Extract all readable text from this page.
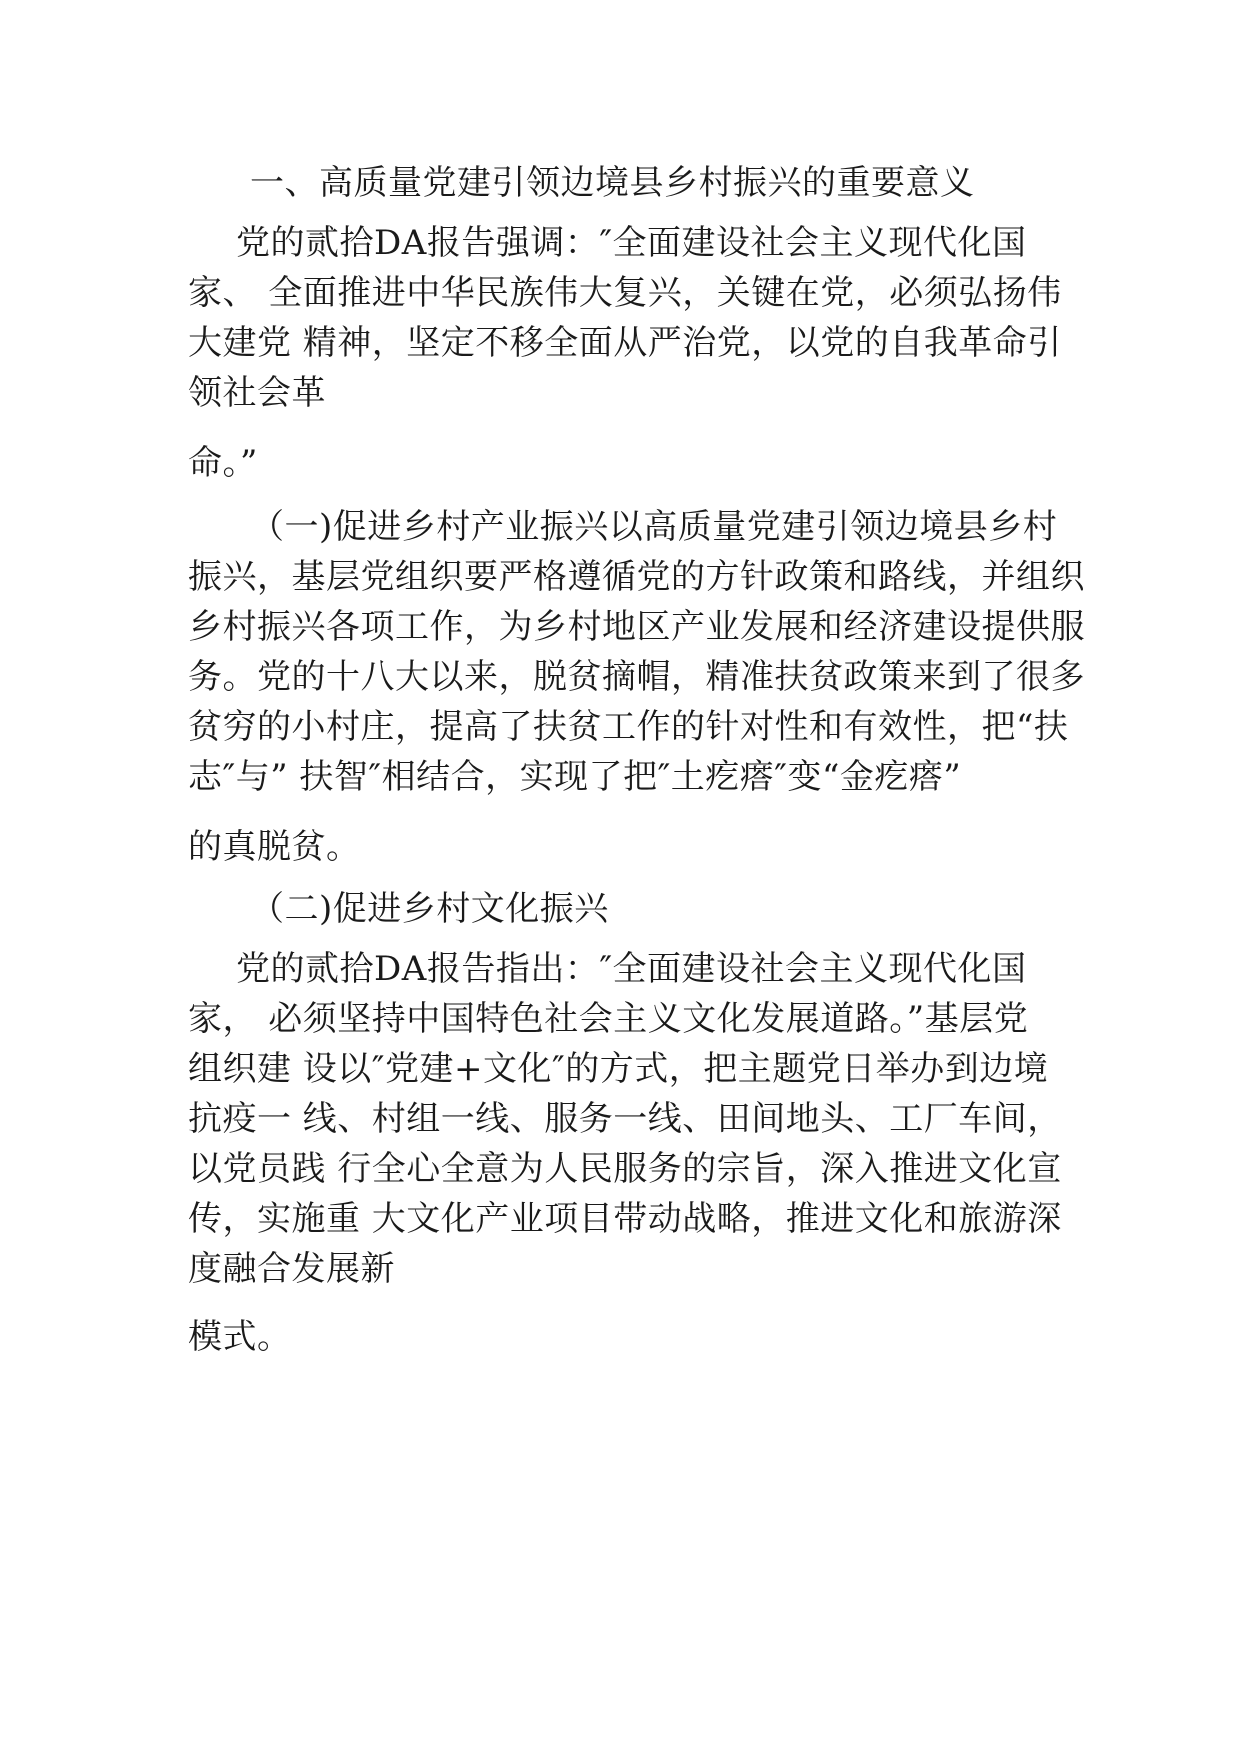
一、高质量党建引领边境县乡村振兴的重要意义

党的贰拾DA报告强调：″全面建设社会主义现代化国
家、 全面推进中华民族伟大复兴，关键在党，必须弘扬伟
大建党 精神，坚定不移全面从严治党，以党的自我革命引
领社会革

命。”

（一)促进乡村产业振兴以高质量党建引领边境县乡村
振兴，基层党组织要严格遵循党的方针政策和路线，并组织
乡村振兴各项工作，为乡村地区产业发展和经济建设提供服
务。党的十八大以来，脱贫摘帽，精准扶贫政策来到了很多
贫穷的小村庄，提高了扶贫工作的针对性和有效性，把“扶
志″与” 扶智″相结合，实现了把″土疙瘩″变“金疙瘩”

的真脱贫。

（二)促进乡村文化振兴

党的贰拾DA报告指出：″全面建设社会主义现代化国
家， 必须坚持中国特色社会主义文化发展道路。”基层党
组织建 设以″党建+文化″的方式，把主题党日举办到边境
抗疫一 线、村组一线、服务一线、田间地头、工厂车间，
以党员践 行全心全意为人民服务的宗旨，深入推进文化宣
传，实施重 大文化产业项目带动战略，推进文化和旅游深
度融合发展新

模式。
